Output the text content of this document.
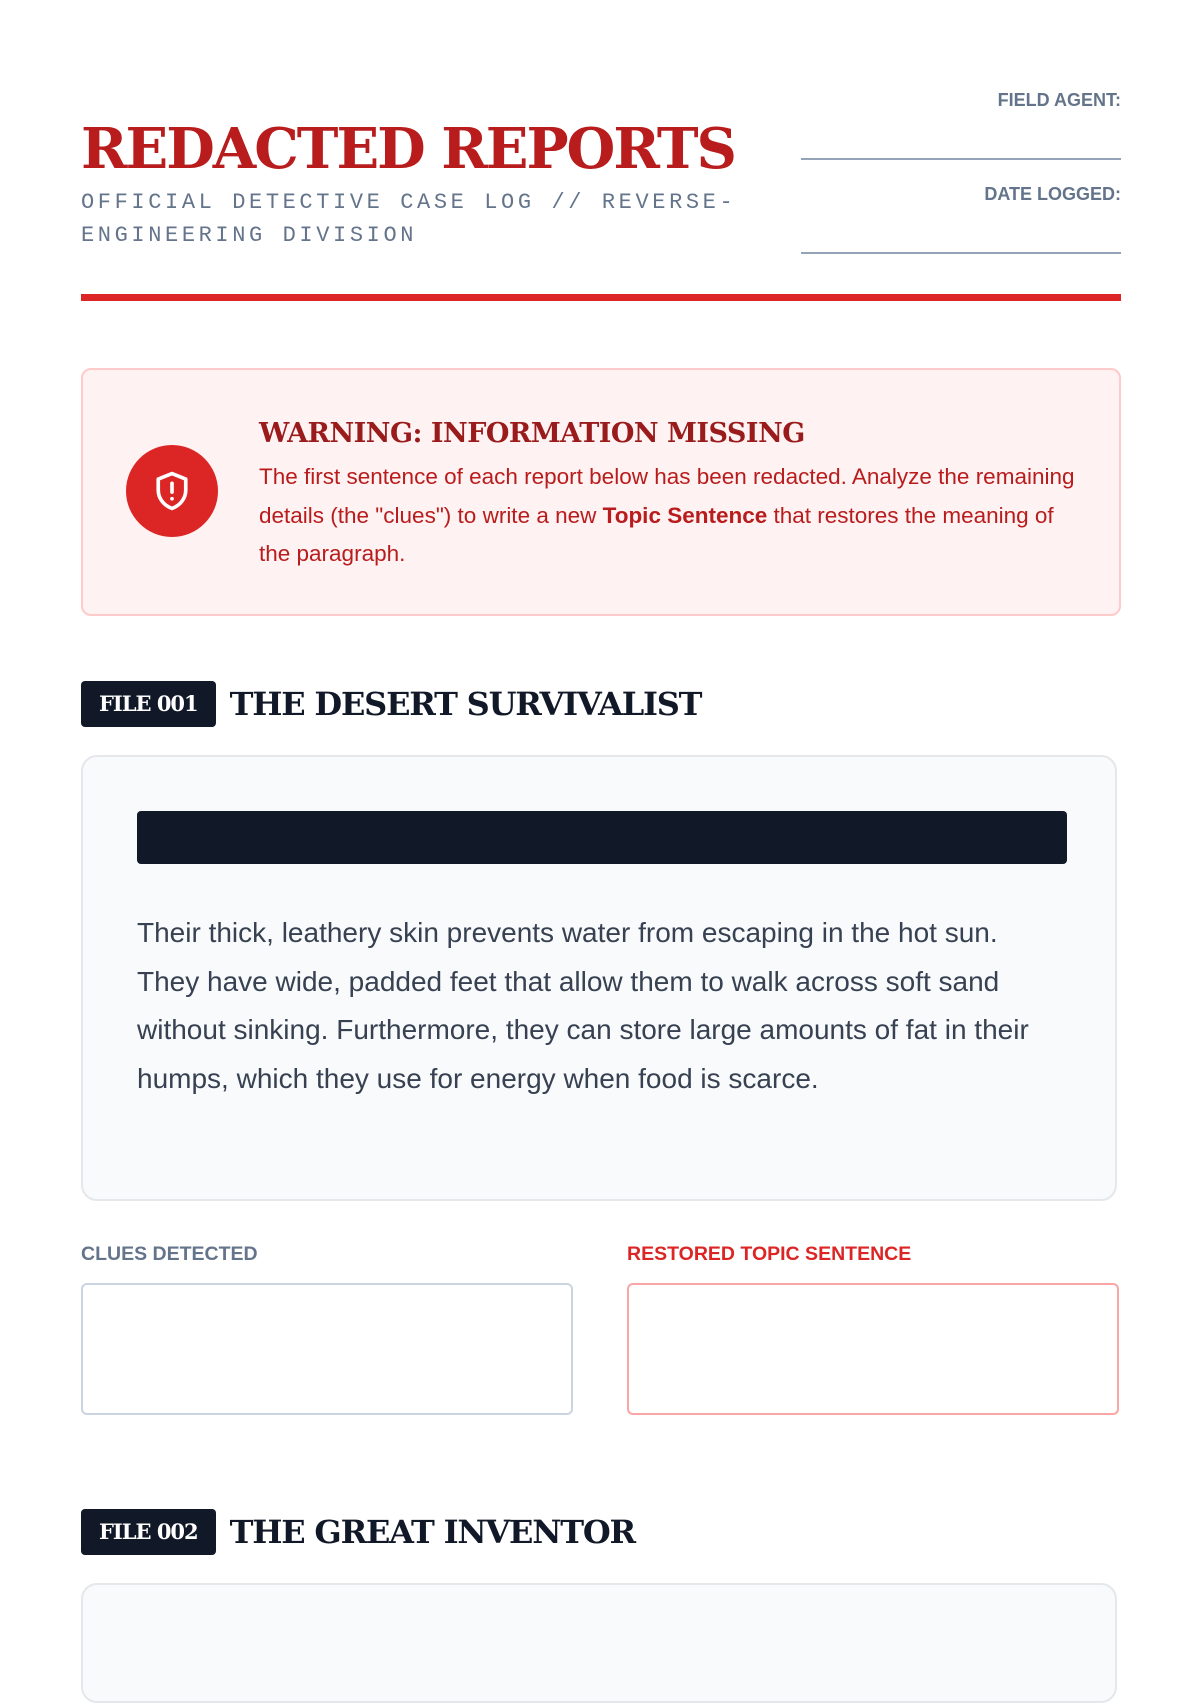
REDACTED REPORTS
OFFICIAL DETECTIVE CASE LOG // REVERSE-ENGINEERING DIVISION
FIELD AGENT:
DATE LOGGED:
WARNING: INFORMATION MISSING
The first sentence of each report below has been redacted. Analyze the remaining details (the "clues") to write a new Topic Sentence that restores the meaning of the paragraph.
FILE 001	THE DESERT SURVIVALIST
Their thick, leathery skin prevents water from escaping in the hot sun. They have wide, padded feet that allow them to walk across soft sand without sinking. Furthermore, they can store large amounts of fat in their humps, which they use for energy when food is scarce.
CLUES DETECTED	RESTORED TOPIC SENTENCE
FILE 002	THE GREAT INVENTOR
